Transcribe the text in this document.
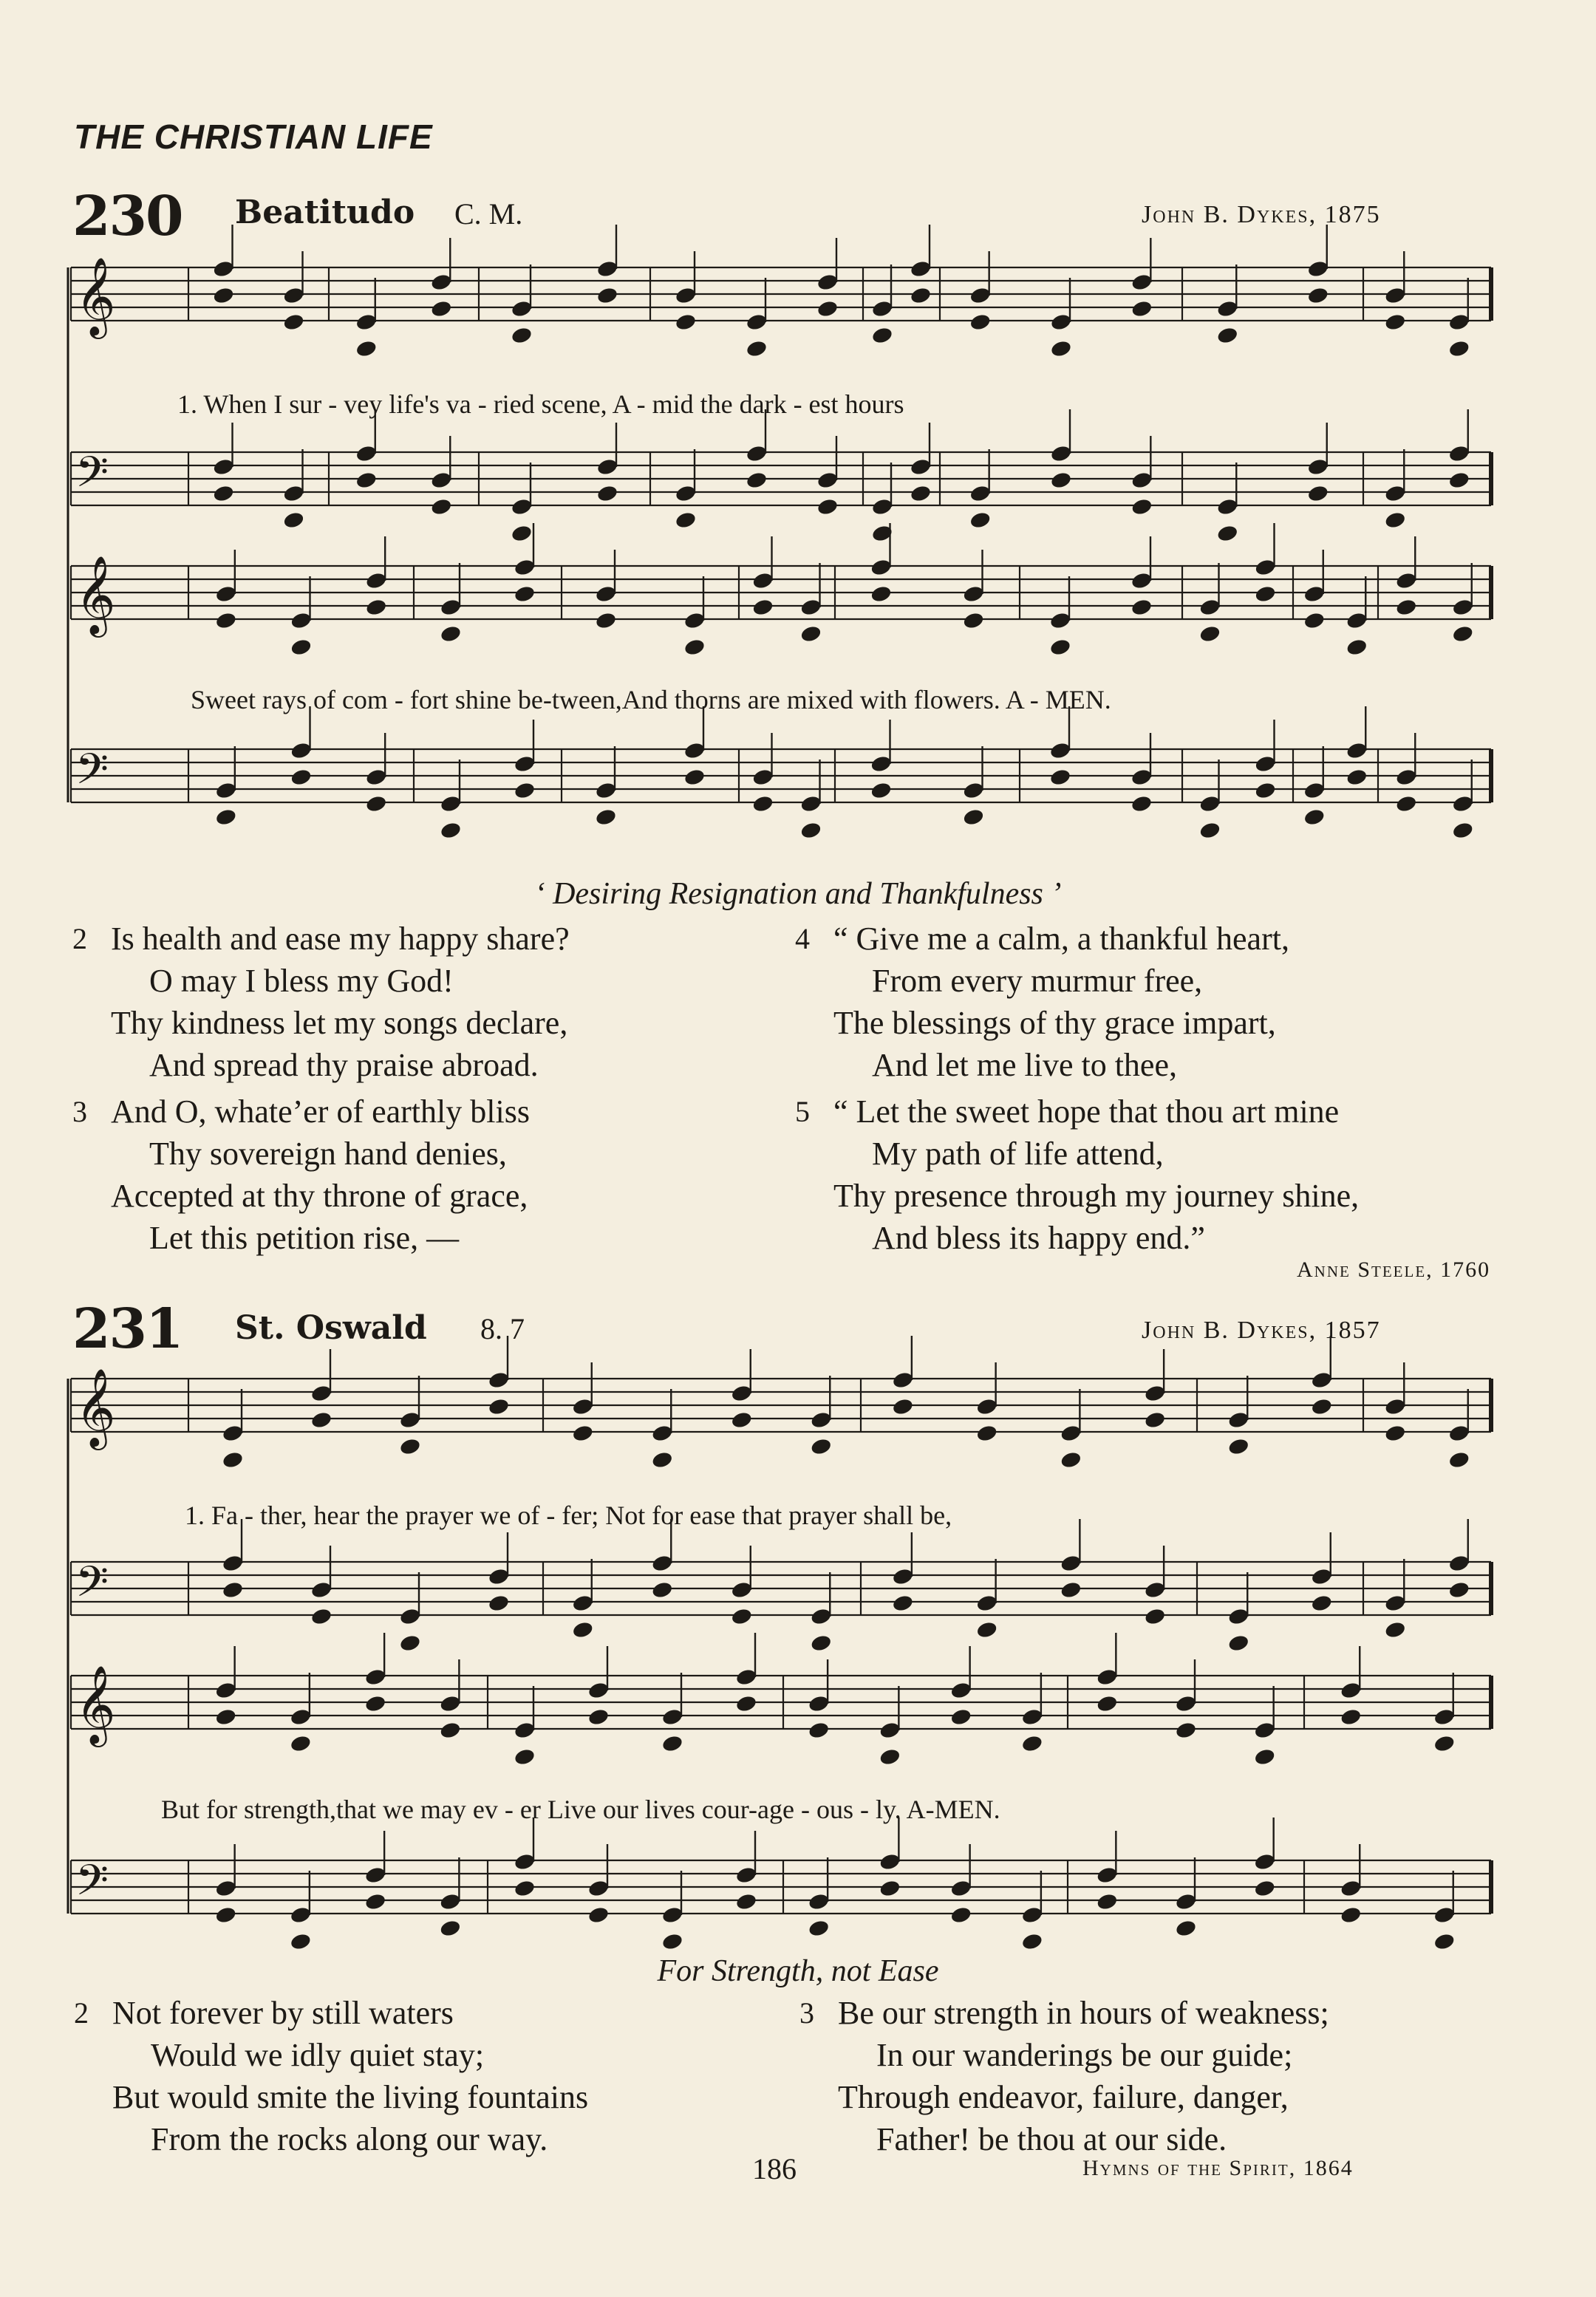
THE CHRISTIAN LIFE
230 Beatitudo C. M.	John B. Dykes, 1875
231 St. Oswald 8. 7	John B. Dykes, 1857
𝄞
𝄢
𝄞
𝄢
𝄞
𝄢
𝄞
𝄢
1. When I sur - vey life's va - ried scene, A - mid the dark - est hours
Sweet rays of com - fort shine be-tween,And thorns are mixed with flowers. A - MEN.
1. Fa - ther, hear the prayer we of - fer; Not for ease that prayer shall be,
But for strength,that we may ev - er Live our lives cour-age - ous - ly. A-MEN.
‘ Desiring Resignation and Thankfulness ’
2 Is health and ease my happy share?
O may I bless my God!
Thy kindness let my songs declare,
And spread thy praise abroad.
3 And O, whate’er of earthly bliss
Thy sovereign hand denies,
Accepted at thy throne of grace,
Let this petition rise, —
4 “ Give me a calm, a thankful heart,
From every murmur free,
The blessings of thy grace impart,
And let me live to thee,
5 “ Let the sweet hope that thou art mine
My path of life attend,
Thy presence through my journey shine,
And bless its happy end.”
Anne Steele, 1760
For Strength, not Ease
2 Not forever by still waters
Would we idly quiet stay;
But would smite the living fountains
From the rocks along our way.
3 Be our strength in hours of weakness;
In our wanderings be our guide;
Through endeavor, failure, danger,
Father! be thou at our side.
186	Hymns of the Spirit, 1864
